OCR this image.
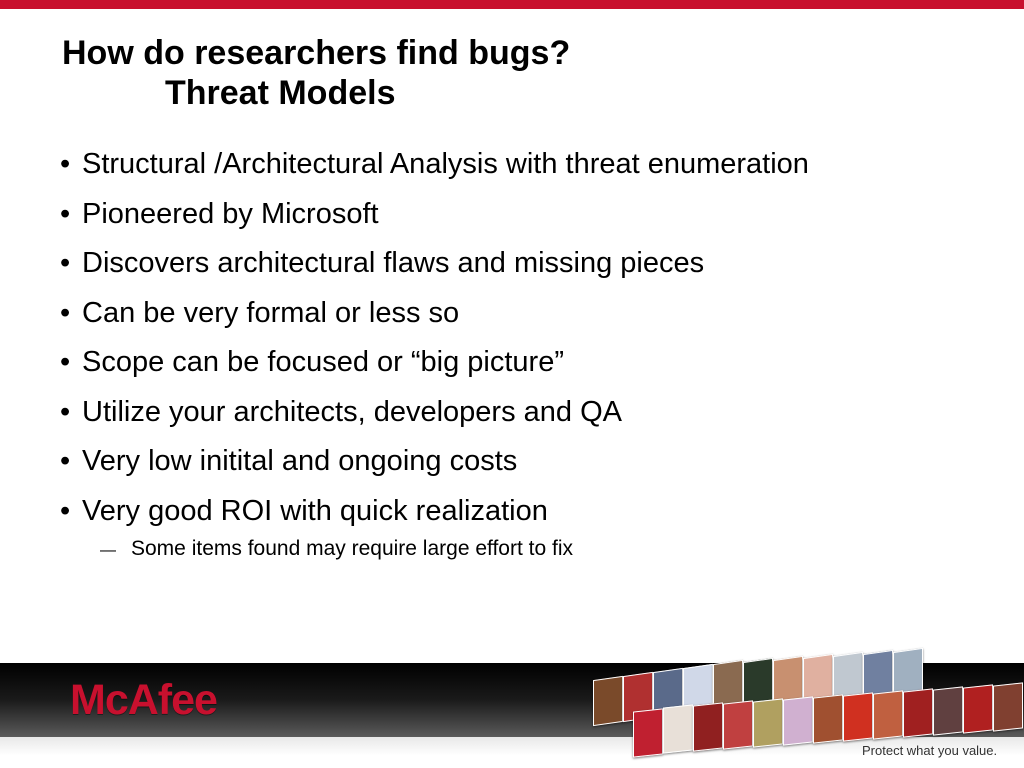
How do researchers find bugs?
Threat Models
• Structural /Architectural Analysis with threat enumeration
• Pioneered by Microsoft
• Discovers architectural flaws and missing pieces
• Can be very formal or less so
• Scope can be focused or “big picture”
• Utilize your architects, developers and QA
• Very low initital and ongoing costs
• Very good ROI with quick realization
— Some items found may require large effort to fix
McAfee
Protect what you value.
